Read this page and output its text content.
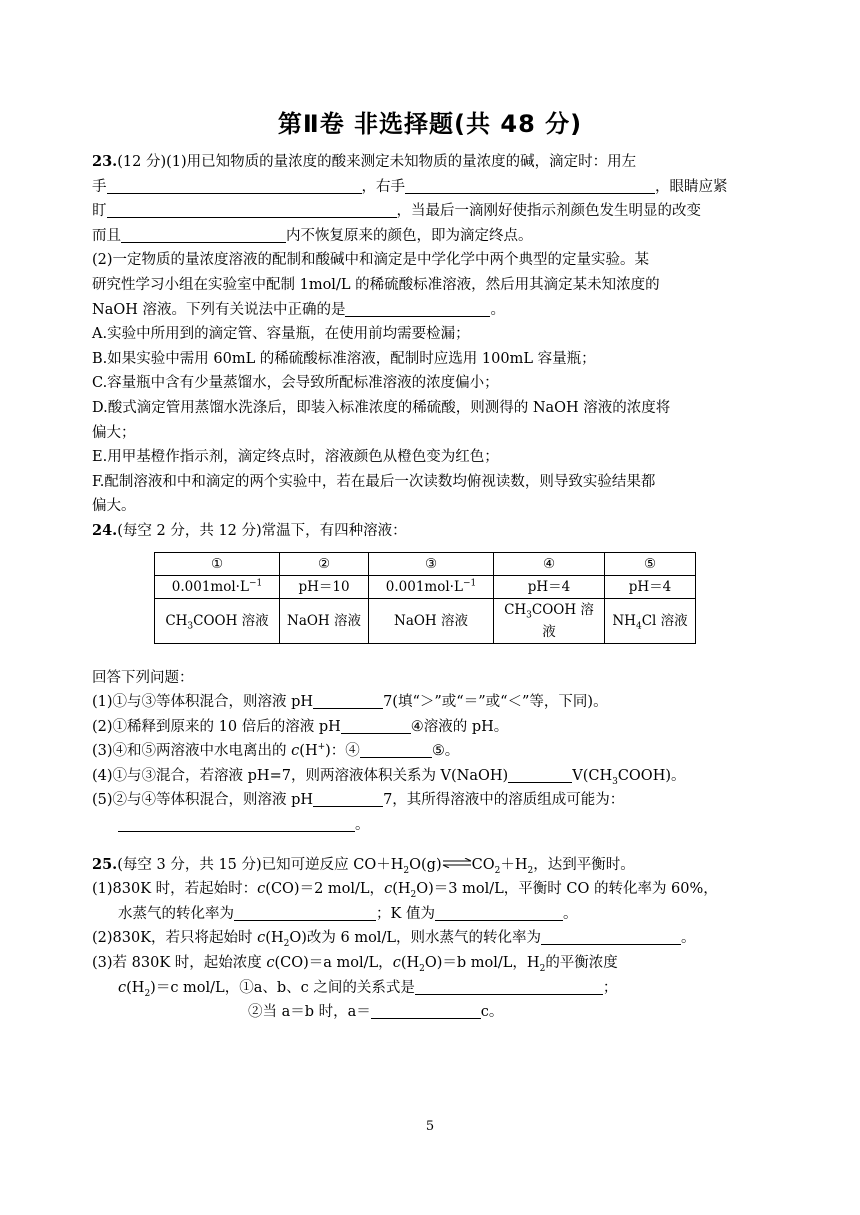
第Ⅱ卷 非选择题(共 48 分)
23.(12 分)(1)用已知物质的量浓度的酸来测定未知物质的量浓度的碱，滴定时：用左
手	，右手	，眼睛应紧
盯	，当最后一滴刚好使指示剂颜色发生明显的改变
而且	内不恢复原来的颜色，即为滴定终点。
(2)一定物质的量浓度溶液的配制和酸碱中和滴定是中学化学中两个典型的定量实验。某
研究性学习小组在实验室中配制 1mol/L 的稀硫酸标准溶液，然后用其滴定某未知浓度的
NaOH 溶液。下列有关说法中正确的是	。
A.实验中所用到的滴定管、容量瓶，在使用前均需要检漏；
B.如果实验中需用 60mL 的稀硫酸标准溶液，配制时应选用 100mL 容量瓶；
C.容量瓶中含有少量蒸馏水，会导致所配标准溶液的浓度偏小；
D.酸式滴定管用蒸馏水洗涤后，即装入标准浓度的稀硫酸，则测得的 NaOH 溶液的浓度将
偏大；
E.用甲基橙作指示剂，滴定终点时，溶液颜色从橙色变为红色；
F.配制溶液和中和滴定的两个实验中，若在最后一次读数均俯视读数，则导致实验结果都
偏大。
24.(每空 2 分，共 12 分)常温下，有四种溶液：
①	②	③	④	⑤
$0.001mol\cdot L^{-1}$	pH＝10	$0.001mol\cdot L^{-1}$	pH＝4	pH＝4
$CH_3COOH$ 溶液	NaOH 溶液	NaOH 溶液	$CH_3COOH$ 溶液	$NH_4Cl$ 溶液
回答下列问题：
(1)①与③等体积混合，则溶液 pH	7(填“＞”或“＝”或“＜”等，下同)。
(2)①稀释到原来的 10 倍后的溶液 pH	④溶液的 pH。
(3)④和⑤两溶液中水电离出的 c(H+)：④	⑤。
(4)①与③混合，若溶液 pH=7，则两溶液体积关系为 V(NaOH)	$V(CH_3COOH)$。
(5)②与④等体积混合，则溶液 pH	7，其所得溶液中的溶质组成可能为：
。
25.(每空 3 分，共 15 分)已知可逆反应 $CO+H_2O(g)\rightleftharpoons CO_2+H_2$，达到平衡时。
(1)830K 时，若起始时：c(CO)＝2 mol/L，$c(H_2O)=3$ mol/L，平衡时 CO 的转化率为 60%，
水蒸气的转化率为	；K 值为	。
(2)830K，若只将起始时 $c(H_2O)$改为 6 mol/L，则水蒸气的转化率为	。
(3)若 830K 时，起始浓度 c(CO)＝a mol/L，$c(H_2O)=b$ mol/L，$H_2$的平衡浓度
$c(H_2)=c$ mol/L，①a、b、c 之间的关系式是	；
②当 a＝b 时，a＝	c。
5
